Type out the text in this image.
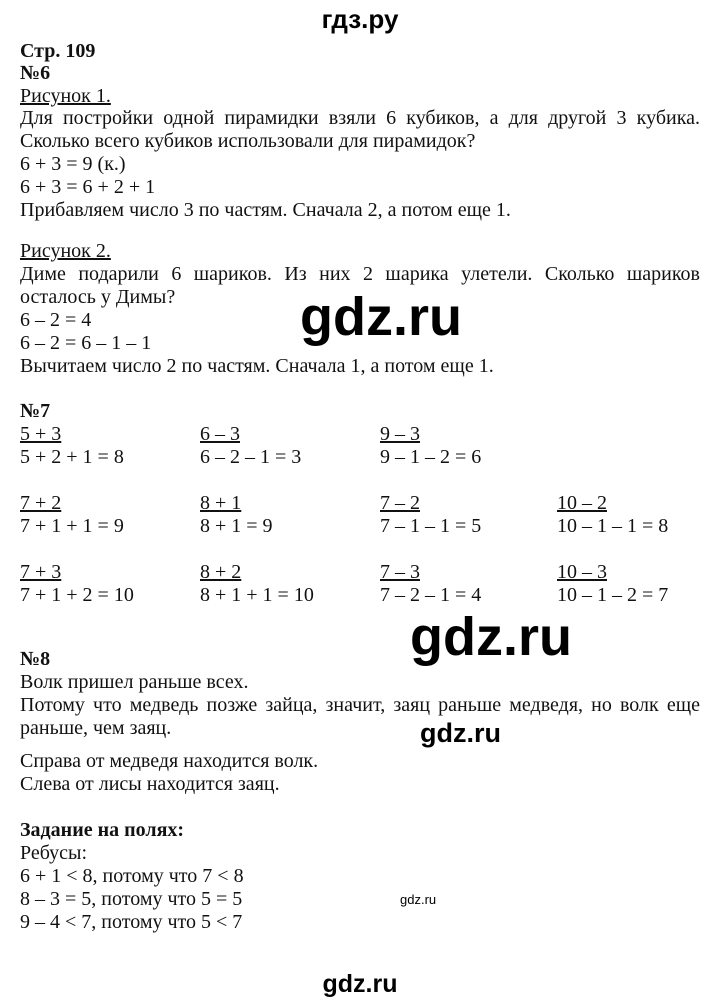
гдз.ру
Стр. 109
№6
Рисунок 1.
Для постройки одной пирамидки взяли 6 кубиков, а для другой 3 кубика.
Сколько всего кубиков использовали для пирамидок?
6 + 3 = 9 (к.)
6 + 3 = 6 + 2 + 1
Прибавляем число 3 по частям. Сначала 2, а потом еще 1.
Рисунок 2.
Диме подарили 6 шариков. Из них 2 шарика улетели. Сколько шариков
осталось у Димы?
6 – 2 = 4
6 – 2 = 6 – 1 – 1
Вычитаем число 2 по частям. Сначала 1, а потом еще 1.
gdz.ru
№7
5 + 3
5 + 2 + 1 = 8
6 – 3
6 – 2 – 1 = 3
9 – 3
9 – 1 – 2 = 6
7 + 2
7 + 1 + 1 = 9
8 + 1
8 + 1 = 9
7 – 2
7 – 1 – 1 = 5
10 – 2
10 – 1 – 1 = 8
7 + 3
7 + 1 + 2 = 10
8 + 2
8 + 1 + 1 = 10
7 – 3
7 – 2 – 1 = 4
10 – 3
10 – 1 – 2 = 7
gdz.ru
№8
Волк пришел раньше всех.
Потому что медведь позже зайца, значит, заяц раньше медведя, но волк еще
раньше, чем заяц.	gdz.ru
Справа от медведя находится волк.
Слева от лисы находится заяц.
Задание на полях:
Ребусы:
6 + 1 < 8, потому что 7 < 8
8 – 3 = 5, потому что 5 = 5
9 – 4 < 7, потому что 5 < 7
gdz.ru
gdz.ru
